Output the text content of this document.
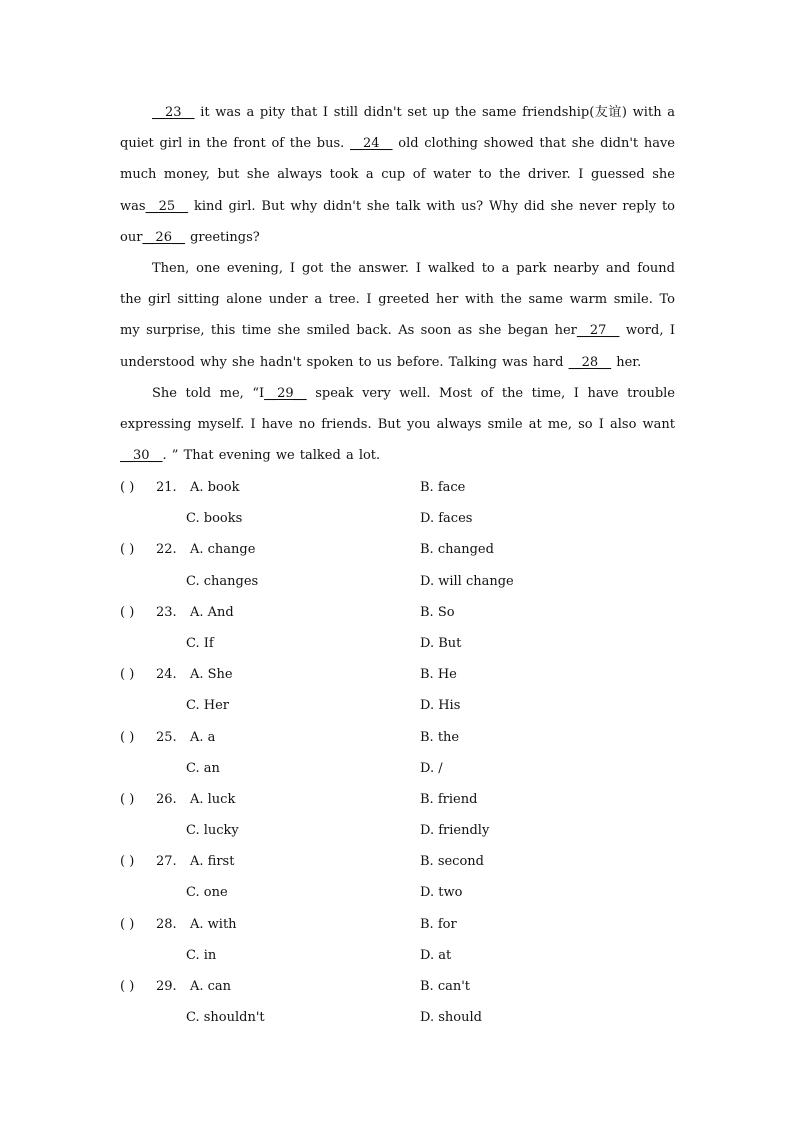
__23__ it was a pity that I still didn't set up the same friendship(友谊) with a quiet girl in the front of the bus. __24__ old clothing showed that she didn't have much money, but she always took a cup of water to the driver. I guessed she was__25__ kind girl. But why didn't she talk with us? Why did she never reply to our__26__ greetings?

Then, one evening, I got the answer. I walked to a park nearby and found the girl sitting alone under a tree. I greeted her with the same warm smile. To my surprise, this time she smiled back. As soon as she began her__27__ word, I understood why she hadn't spoken to us before. Talking was hard __28__ her.

She told me, “I__29__ speak very well. Most of the time, I have trouble expressing myself. I have no friends. But you always smile at me, so I also want __30__. ” That evening we talked a lot.

( ) 21. A. book	B. face
C. books	D. faces
( ) 22. A. change	B. changed
C. changes	D. will change
( ) 23. A. And	B. So
C. If	D. But
( ) 24. A. She	B. He
C. Her	D. His
( ) 25. A. a	B. the
C. an	D. /
( ) 26. A. luck	B. friend
C. lucky	D. friendly
( ) 27. A. first	B. second
C. one	D. two
( ) 28. A. with	B. for
C. in	D. at
( ) 29. A. can	B. can't
C. shouldn't	D. should
